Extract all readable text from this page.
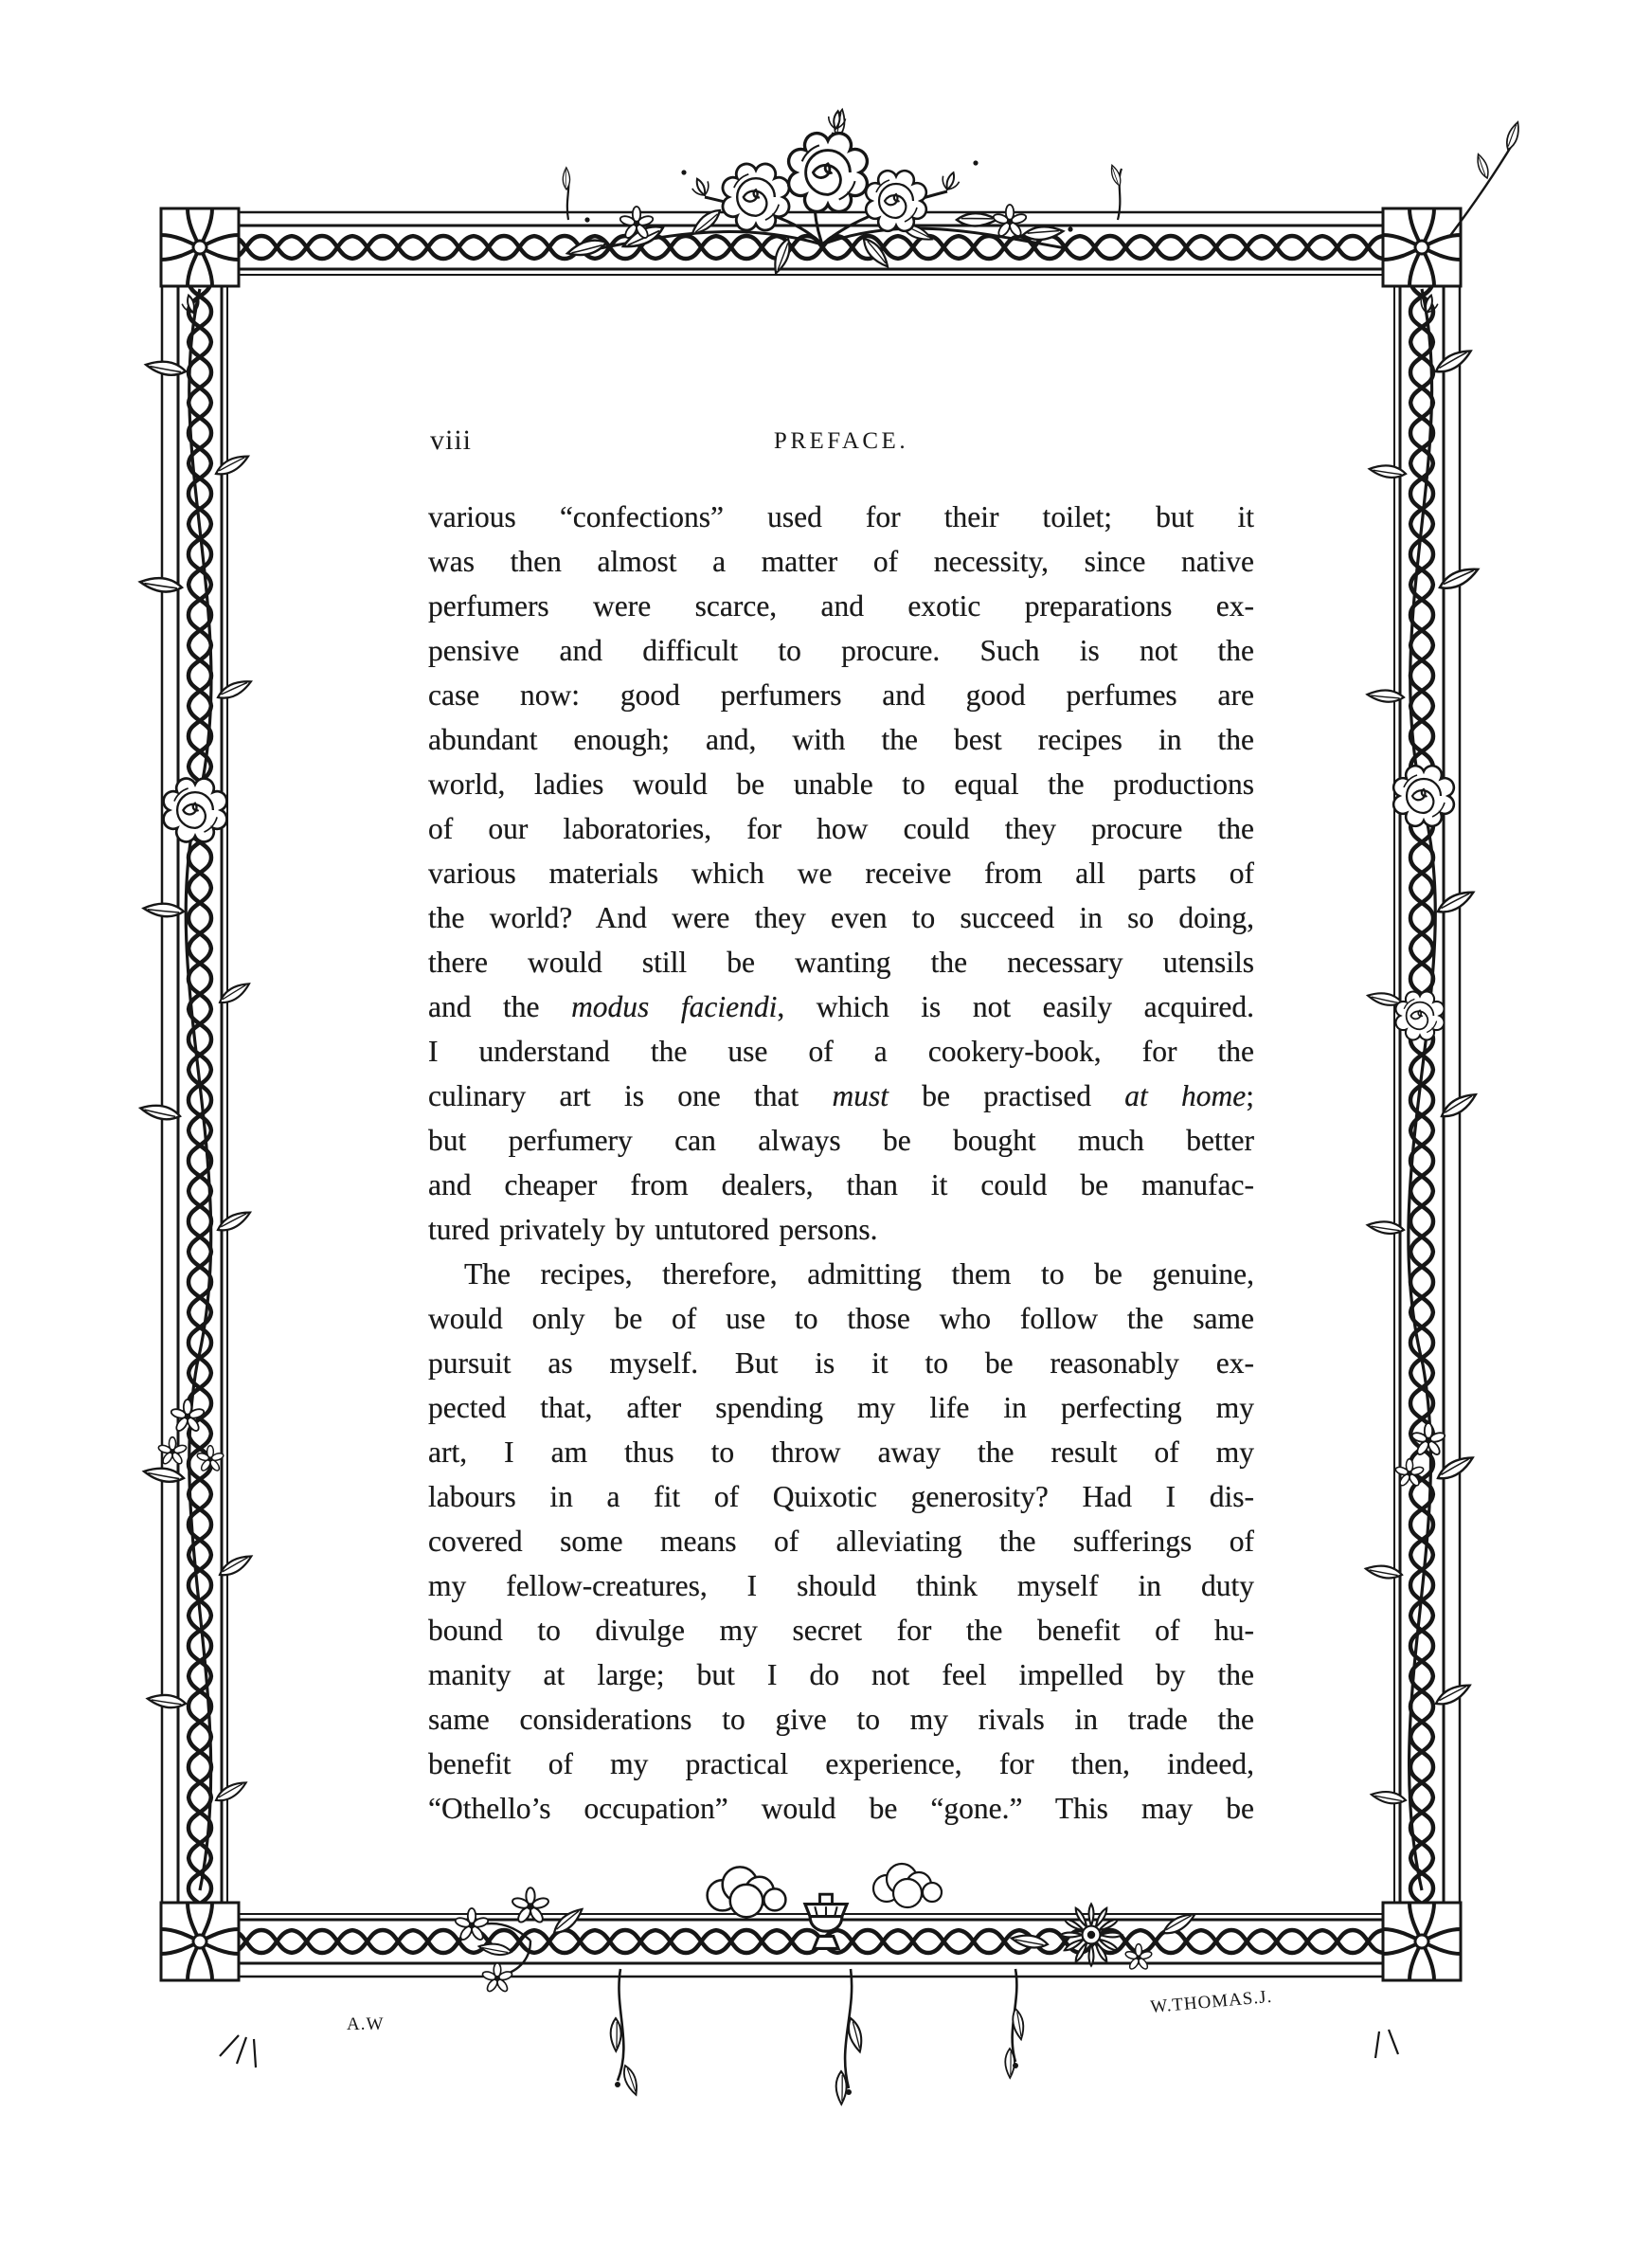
A.W
W.THOMAS.J.
viii	PREFACE.
various “confections” used for their toilet; but it
was then almost a matter of necessity, since native
perfumers were scarce, and exotic preparations ex-
pensive and difficult to procure. Such is not the
case now: good perfumers and good perfumes are
abundant enough; and, with the best recipes in the
world, ladies would be unable to equal the productions
of our laboratories, for how could they procure the
various materials which we receive from all parts of
the world? And were they even to succeed in so doing,
there would still be wanting the necessary utensils
and the modus faciendi, which is not easily acquired.
I understand the use of a cookery-book, for the
culinary art is one that must be practised at home;
but perfumery can always be bought much better
and cheaper from dealers, than it could be manufac-
tured privately by untutored persons.
The recipes, therefore, admitting them to be genuine,
would only be of use to those who follow the same
pursuit as myself. But is it to be reasonably ex-
pected that, after spending my life in perfecting my
art, I am thus to throw away the result of my
labours in a fit of Quixotic generosity? Had I dis-
covered some means of alleviating the sufferings of
my fellow-creatures, I should think myself in duty
bound to divulge my secret for the benefit of hu-
manity at large; but I do not feel impelled by the
same considerations to give to my rivals in trade the
benefit of my practical experience, for then, indeed,
“Othello’s occupation” would be “gone.” This may be
